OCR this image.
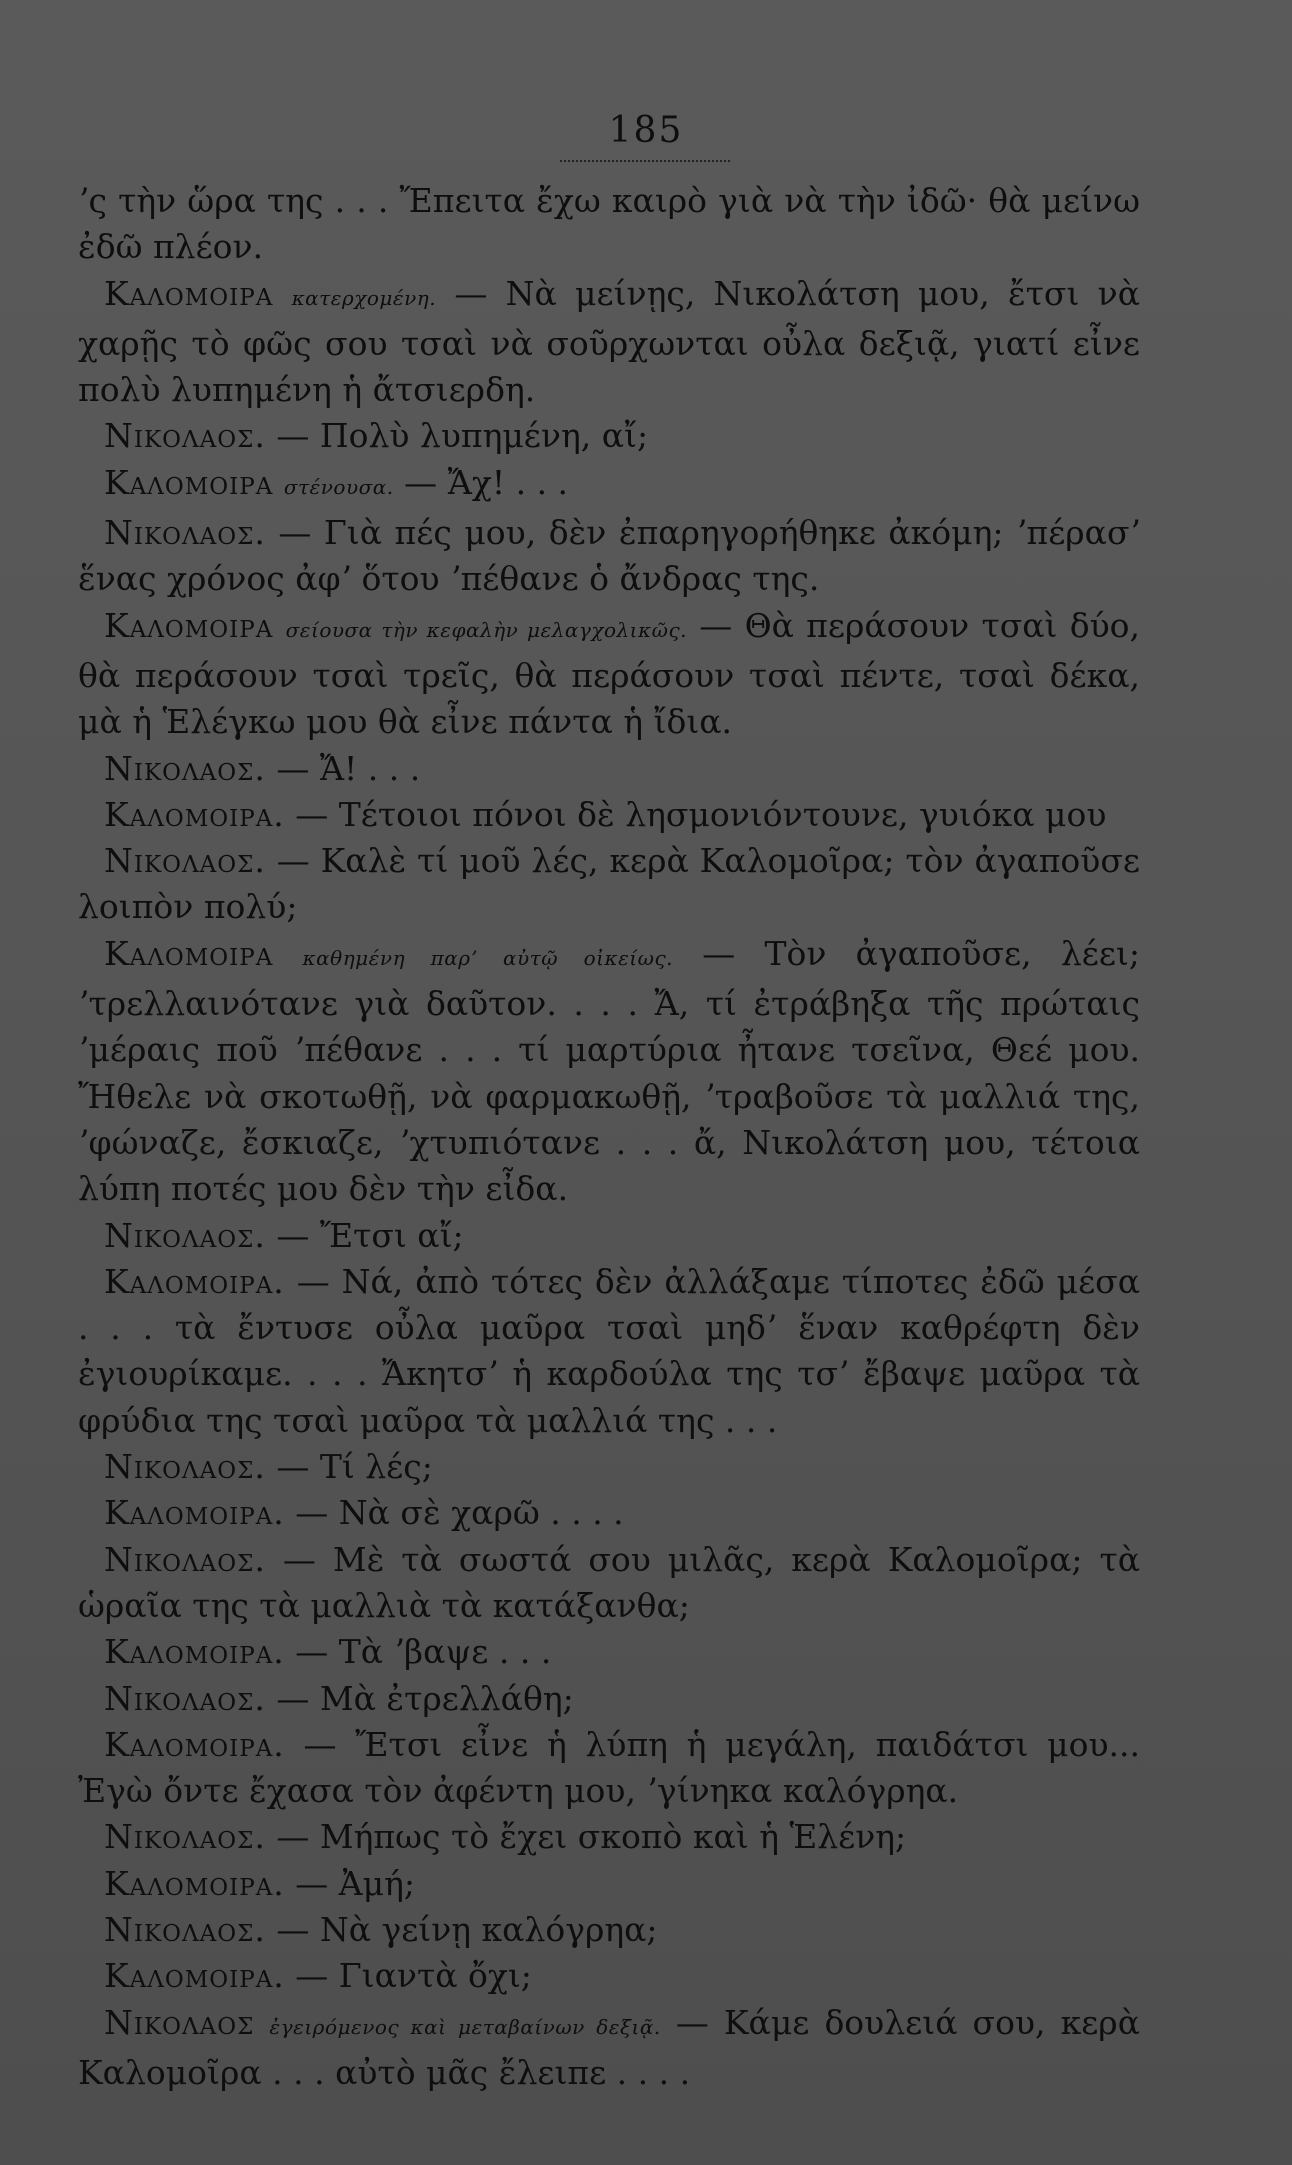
185

ʼς τὴν ὥρα της . . . Ἔπειτα ἔχω καιρὸ γιὰ νὰ τὴν ἰδῶ· θὰ μείνω ἐδῶ πλέον.

Καλομοιρα κατερχομένη. — Νὰ μείνῃς, Νικολάτση μου, ἔτσι νὰ χαρῇς τὸ φῶς σου τσαὶ νὰ σοῦρχωνται οὖλα δεξιᾷ, γιατί εἶνε πολὺ λυπημένη ἡ ἄτσιερδη.

Νικολαος. — Πολὺ λυπημένη, αἴ;

Καλομοιρα στένουσα. — Ἄχ! . . .

Νικολαος. — Γιὰ πές μου, δὲν ἐπαρηγορήθηκε ἀκόμη; ʼπέρασʼ ἕνας χρόνος ἀφʼ ὅτου ʼπέθανε ὁ ἄνδρας της.

Καλομοιρα σείουσα τὴν κεφαλὴν μελαγχολικῶς. — Θὰ περάσουν τσαὶ δύο, θὰ περάσουν τσαὶ τρεῖς, θὰ περάσουν τσαὶ πέντε, τσαὶ δέκα, μὰ ἡ Ἑλέγκω μου θὰ εἶνε πάντα ἡ ἴδια.

Νικολαος. — Ἄ! . . .

Καλομοιρα. — Τέτοιοι πόνοι δὲ λησμονιόντουνε, γυιόκα μου

Νικολαος. — Καλὲ τί μοῦ λές, κερὰ Καλομοῖρα; τὸν ἀγαποῦσε λοιπὸν πολύ;

Καλομοιρα καθημένη παρʼ αὐτῷ οἰκείως. — Τὸν ἀγαποῦσε, λέει; ʼτρελλαινότανε γιὰ δαῦτον. . . . Ἄ, τί ἐτράβηξα τῆς πρώταις ʼμέραις ποῦ ʼπέθανε . . . τί μαρτύρια ἦτανε τσεῖνα, Θεέ μου. Ἤθελε νὰ σκοτωθῇ, νὰ φαρμακωθῇ, ʼτραβοῦσε τὰ μαλλιά της, ʼφώναζε, ἔσκιαζε, ʼχτυπιότανε . . . ἄ, Νικολάτση μου, τέτοια λύπη ποτές μου δὲν τὴν εἶδα.

Νικολαος. — Ἔτσι αἴ;

Καλομοιρα. — Νά, ἀπὸ τότες δὲν ἀλλάξαμε τίποτες ἐδῶ μέσα . . . τὰ ἔντυσε οὖλα μαῦρα τσαὶ μηδʼ ἕναν καθρέφτη δὲν ἐγιουρίκαμε. . . . Ἄκητσʼ ἡ καρδούλα της τσʼ ἔβαψε μαῦρα τὰ φρύδια της τσαὶ μαῦρα τὰ μαλλιά της . . .

Νικολαος. — Τί λές;

Καλομοιρα. — Νὰ σὲ χαρῶ . . . .

Νικολαος. — Μὲ τὰ σωστά σου μιλᾶς, κερὰ Καλομοῖρα; τὰ ὡραῖα της τὰ μαλλιὰ τὰ κατάξανθα;

Καλομοιρα. — Τὰ ʼβαψε . . .

Νικολαος. — Μὰ ἐτρελλάθη;

Καλομοιρα. — Ἔτσι εἶνε ἡ λύπη ἡ μεγάλη, παιδάτσι μου... Ἐγὼ ὄντε ἔχασα τὸν ἀφέντη μου, ʼγίνηκα καλόγρηα.

Νικολαος. — Μήπως τὸ ἔχει σκοπὸ καὶ ἡ Ἑλένη;

Καλομοιρα. — Ἀμή;

Νικολαος. — Νὰ γείνῃ καλόγρηα;

Καλομοιρα. — Γιαντὰ ὄχι;

Νικολαος ἐγειρόμενος καὶ μεταβαίνων δεξιᾷ. — Κάμε δουλειά σου, κερὰ Καλομοῖρα . . . αὐτὸ μᾶς ἔλειπε . . . .
